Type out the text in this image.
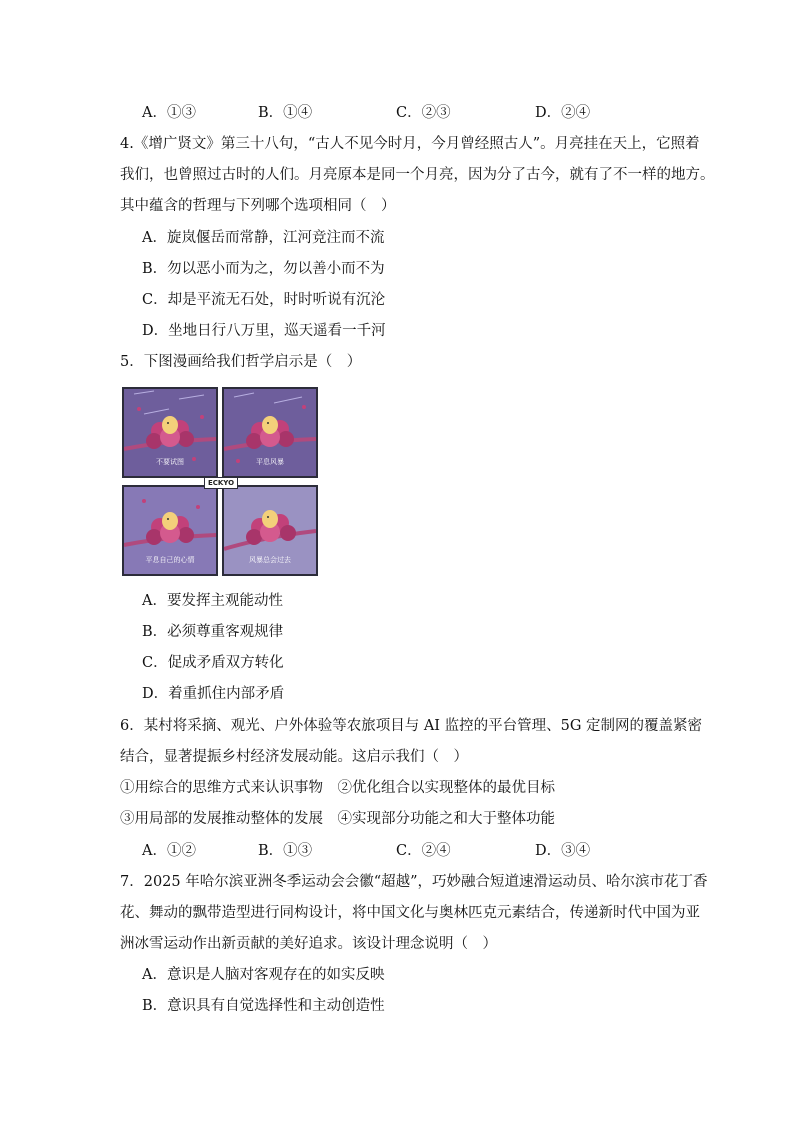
A．①③	B．①④	C．②③	D．②④
4.《增广贤文》第三十八句，“古人不见今时月，今月曾经照古人”。月亮挂在天上，它照着
我们，也曾照过古时的人们。月亮原本是同一个月亮，因为分了古今，就有了不一样的地方。
其中蕴含的哲理与下列哪个选项相同（　）
A．旋岚偃岳而常静，江河竞注而不流
B．勿以恶小而为之，勿以善小而不为
C．却是平流无石处，时时听说有沉沦
D．坐地日行八万里，巡天遥看一千河
5．下图漫画给我们哲学启示是（　）
不要试图	平息风暴
平息自己的心情	风暴总会过去
ECKYO
A．要发挥主观能动性
B．必须尊重客观规律
C．促成矛盾双方转化
D．着重抓住内部矛盾
6．某村将采摘、观光、户外体验等农旅项目与 AI 监控的平台管理、5G 定制网的覆盖紧密
结合，显著提振乡村经济发展动能。这启示我们（　）
①用综合的思维方式来认识事物　②优化组合以实现整体的最优目标
③用局部的发展推动整体的发展　④实现部分功能之和大于整体功能
A．①②	B．①③	C．②④	D．③④
7．2025 年哈尔滨亚洲冬季运动会会徽“超越”，巧妙融合短道速滑运动员、哈尔滨市花丁香
花、舞动的飘带造型进行同构设计，将中国文化与奥林匹克元素结合，传递新时代中国为亚
洲冰雪运动作出新贡献的美好追求。该设计理念说明（　）
A．意识是人脑对客观存在的如实反映
B．意识具有自觉选择性和主动创造性
